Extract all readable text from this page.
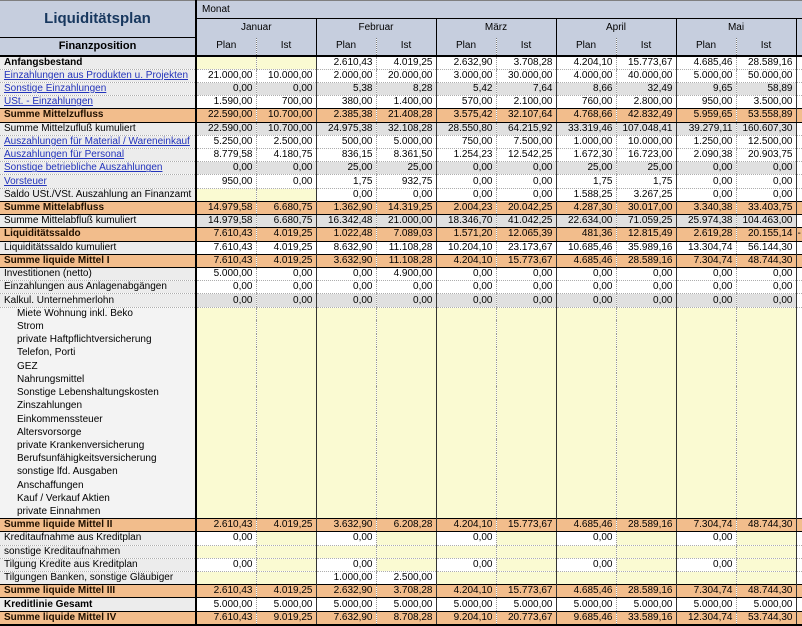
Liquiditätsplan	Monat										
	Januar		Februar		März		April		Mai		
Finanzposition	Plan	Ist	Plan	Ist	Plan	Ist	Plan	Ist	Plan	Ist	
Anfangsbestand			2.610,43	4.019,25	2.632,90	3.708,28	4.204,10	15.773,67	4.685,46	28.589,16	
Einzahlungen aus Produkten u. Projekten	21.000,00	10.000,00	2.000,00	20.000,00	3.000,00	30.000,00	4.000,00	40.000,00	5.000,00	50.000,00	
Sonstige Einzahlungen	0,00	0,00	5,38	8,28	5,42	7,64	8,66	32,49	9,65	58,89	
USt. - Einzahlungen	1.590,00	700,00	380,00	1.400,00	570,00	2.100,00	760,00	2.800,00	950,00	3.500,00	
Summe Mittelzufluss	22.590,00	10.700,00	2.385,38	21.408,28	3.575,42	32.107,64	4.768,66	42.832,49	5.959,65	53.558,89	
Summe Mittelzufluß kumuliert	22.590,00	10.700,00	24.975,38	32.108,28	28.550,80	64.215,92	33.319,46	107.048,41	39.279,11	160.607,30	
Auszahlungen für Material / Wareneinkauf	5.250,00	2.500,00	500,00	5.000,00	750,00	7.500,00	1.000,00	10.000,00	1.250,00	12.500,00	
Auszahlungen für Personal	8.779,58	4.180,75	836,15	8.361,50	1.254,23	12.542,25	1.672,30	16.723,00	2.090,38	20.903,75	
Sonstige betriebliche Auszahlungen	0,00	0,00	25,00	25,00	0,00	0,00	25,00	25,00	0,00	0,00	
Vorsteuer	950,00	0,00	1,75	932,75	0,00	0,00	1,75	1,75	0,00	0,00	
Saldo USt./VSt. Auszahlung an Finanzamt			0,00	0,00	0,00	0,00	1.588,25	3.267,25	0,00	0,00	
Summe Mittelabfluss	14.979,58	6.680,75	1.362,90	14.319,25	2.004,23	20.042,25	4.287,30	30.017,00	3.340,38	33.403,75	
Summe Mittelabfluß kumuliert	14.979,58	6.680,75	16.342,48	21.000,00	18.346,70	41.042,25	22.634,00	71.059,25	25.974,38	104.463,00	
Liquiditätssaldo	7.610,43	4.019,25	1.022,48	7.089,03	1.571,20	12.065,39	481,36	12.815,49	2.619,28	20.155,14	-
Liquiditätssaldo kumuliert	7.610,43	4.019,25	8.632,90	11.108,28	10.204,10	23.173,67	10.685,46	35.989,16	13.304,74	56.144,30	
Summe liquide Mittel I	7.610,43	4.019,25	3.632,90	11.108,28	4.204,10	15.773,67	4.685,46	28.589,16	7.304,74	48.744,30	
Investitionen (netto)	5.000,00	0,00	0,00	4.900,00	0,00	0,00	0,00	0,00	0,00	0,00	
Einzahlungen aus Anlagenabgängen	0,00	0,00	0,00	0,00	0,00	0,00	0,00	0,00	0,00	0,00	
Kalkul. Unternehmerlohn	0,00	0,00	0,00	0,00	0,00	0,00	0,00	0,00	0,00	0,00	
Miete Wohnung inkl. Beko											
Strom											
private Haftpflichtversicherung											
Telefon, Porti											
GEZ											
Nahrungsmittel											
Sonstige Lebenshaltungskosten											
Zinszahlungen											
Einkommenssteuer											
Altersvorsorge											
private Krankenversicherung											
Berufsunfähigkeitsversicherung											
sonstige lfd. Ausgaben											
Anschaffungen											
Kauf / Verkauf Aktien											
private Einnahmen											
Summe liquide Mittel II	2.610,43	4.019,25	3.632,90	6.208,28	4.204,10	15.773,67	4.685,46	28.589,16	7.304,74	48.744,30	
Kreditaufnahme aus Kreditplan	0,00		0,00		0,00		0,00		0,00		
sonstige Kreditaufnahmen											
Tilgung Kredite aus Kreditplan	0,00		0,00		0,00		0,00		0,00		
Tilgungen Banken, sonstige Gläubiger			1.000,00	2.500,00							
Summe liquide Mittel III	2.610,43	4.019,25	2.632,90	3.708,28	4.204,10	15.773,67	4.685,46	28.589,16	7.304,74	48.744,30	
Kreditlinie Gesamt	5.000,00	5.000,00	5.000,00	5.000,00	5.000,00	5.000,00	5.000,00	5.000,00	5.000,00	5.000,00	
Summe liquide Mittel IV	7.610,43	9.019,25	7.632,90	8.708,28	9.204,10	20.773,67	9.685,46	33.589,16	12.304,74	53.744,30	
